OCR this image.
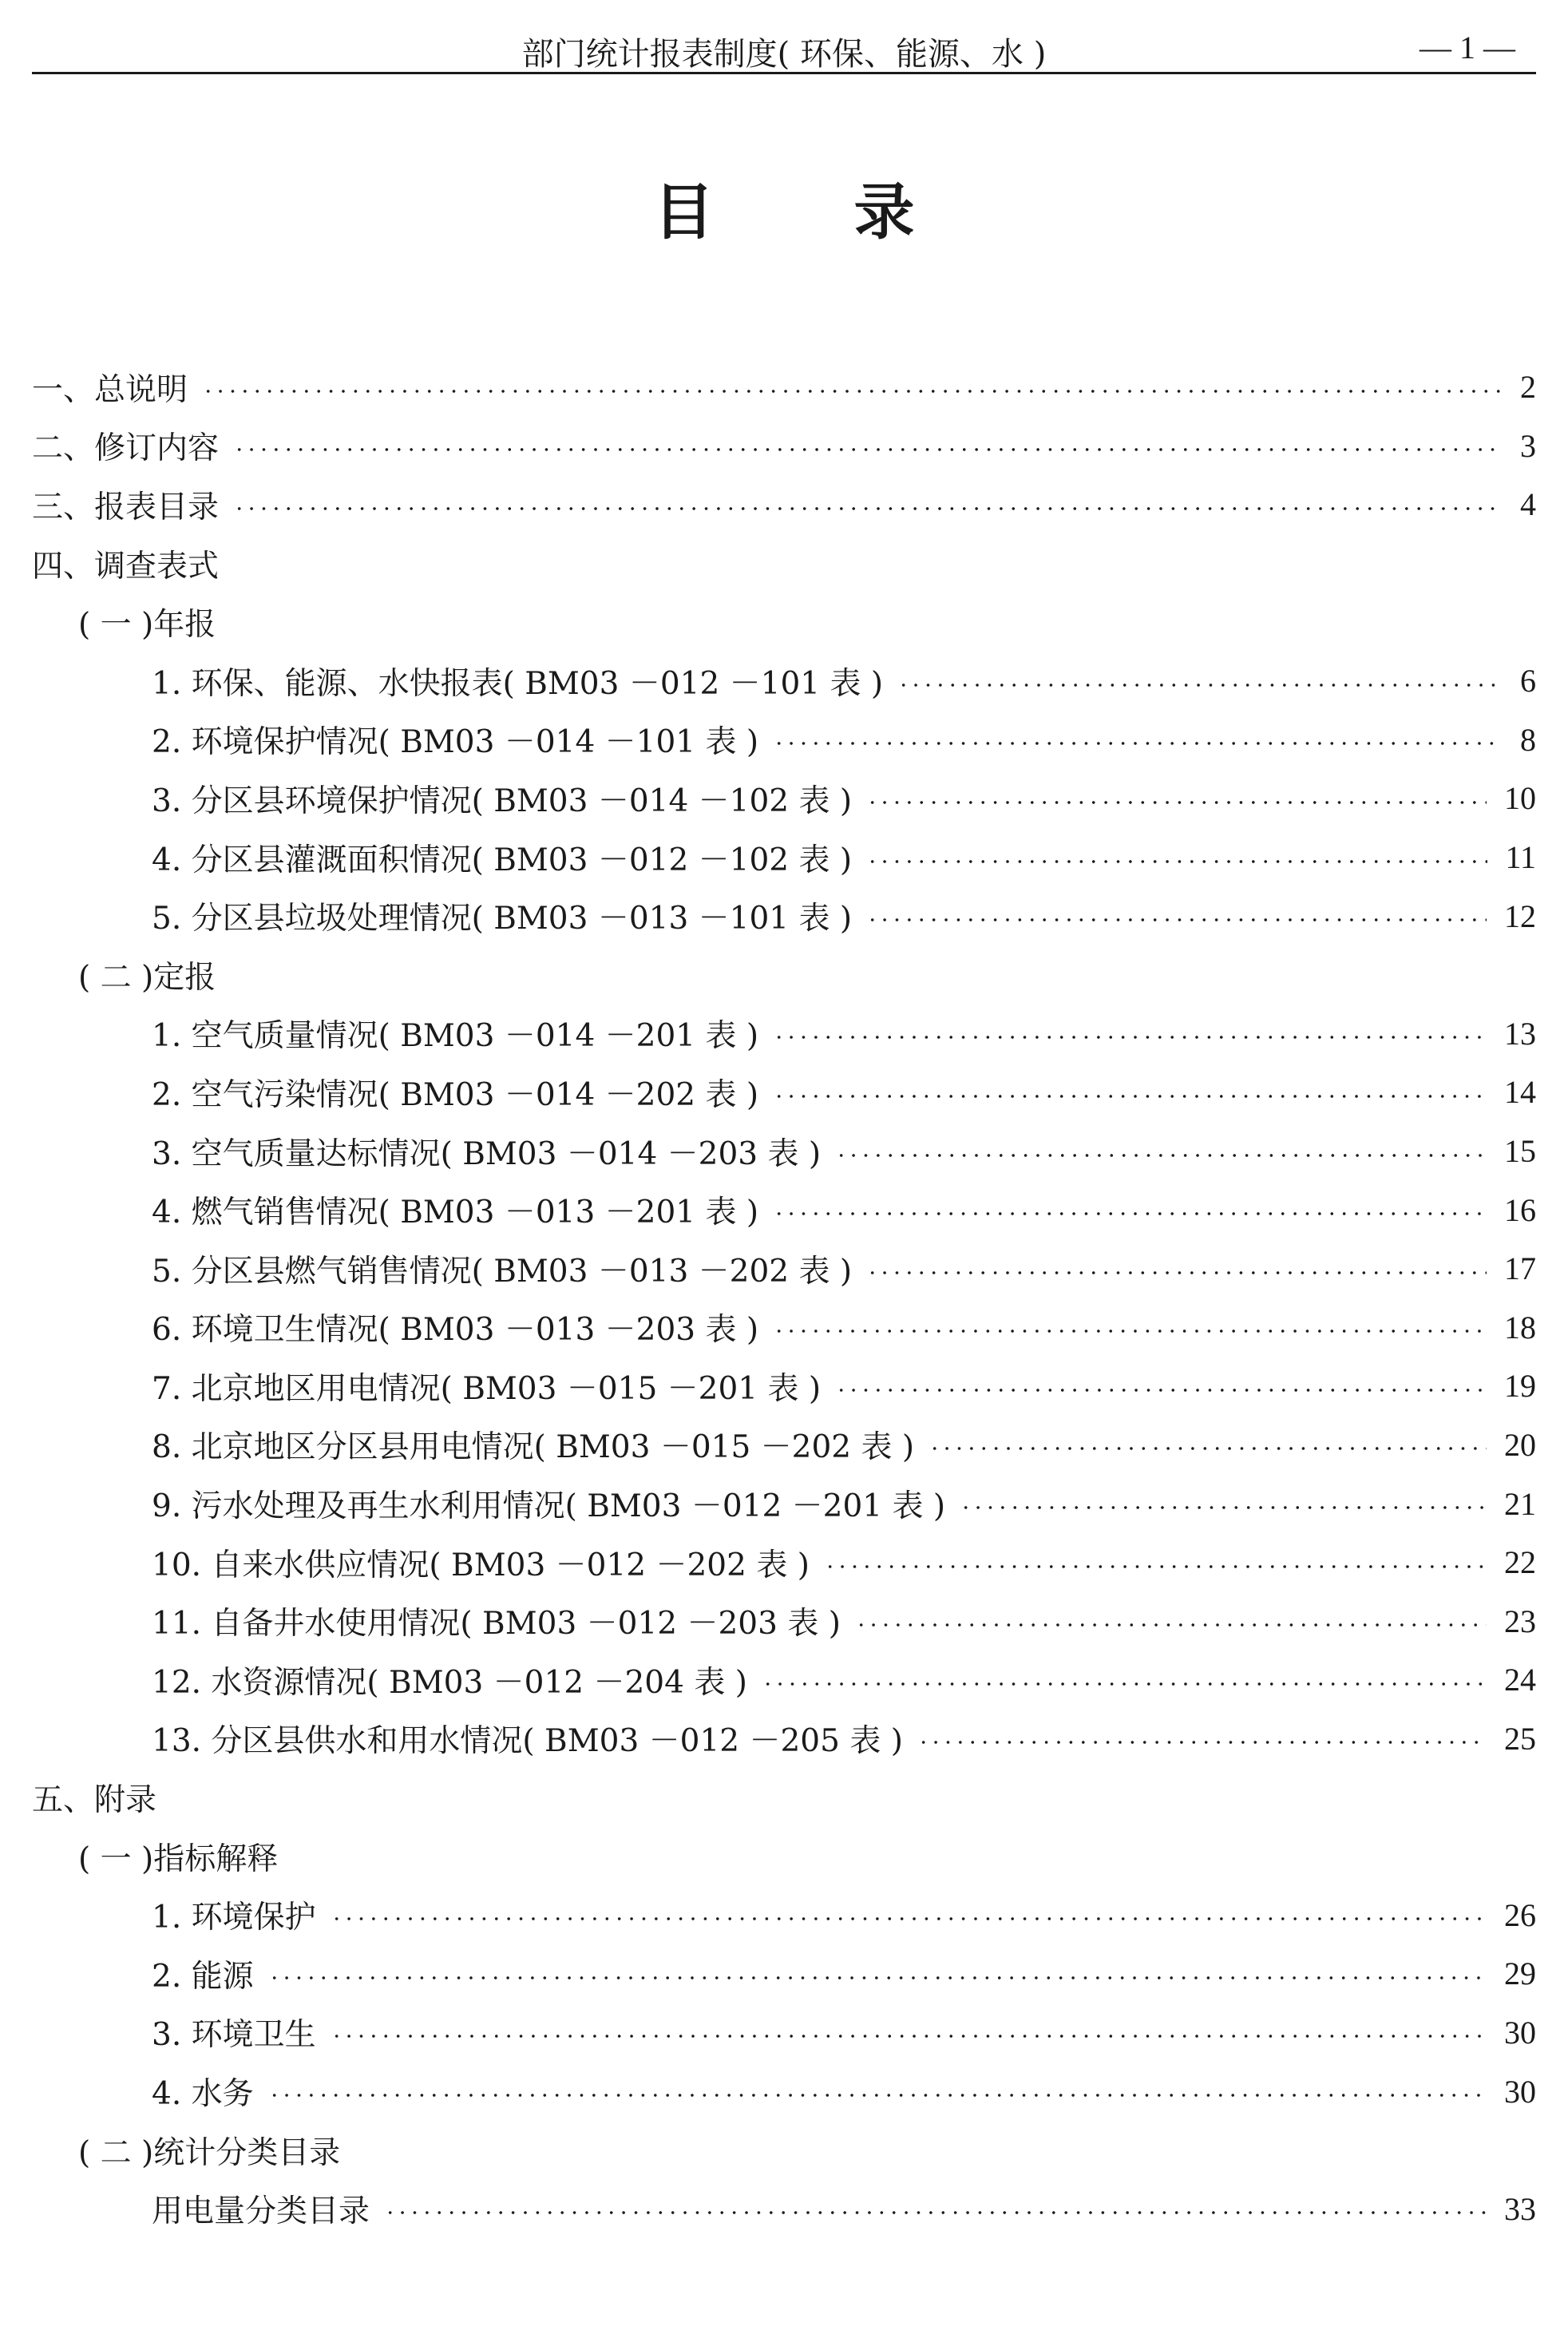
部门统计报表制度( 环保、能源、水 )	— 1 —
目录
一、总说明	2
二、修订内容	3
三、报表目录	4
四、调查表式
( 一 )年报
1. 环保、能源、水快报表( BM03 －012 －101 表 )	6
2. 环境保护情况( BM03 －014 －101 表 )	8
3. 分区县环境保护情况( BM03 －014 －102 表 )	10
4. 分区县灌溉面积情况( BM03 －012 －102 表 )	11
5. 分区县垃圾处理情况( BM03 －013 －101 表 )	12
( 二 )定报
1. 空气质量情况( BM03 －014 －201 表 )	13
2. 空气污染情况( BM03 －014 －202 表 )	14
3. 空气质量达标情况( BM03 －014 －203 表 )	15
4. 燃气销售情况( BM03 －013 －201 表 )	16
5. 分区县燃气销售情况( BM03 －013 －202 表 )	17
6. 环境卫生情况( BM03 －013 －203 表 )	18
7. 北京地区用电情况( BM03 －015 －201 表 )	19
8. 北京地区分区县用电情况( BM03 －015 －202 表 )	20
9. 污水处理及再生水利用情况( BM03 －012 －201 表 )	21
10. 自来水供应情况( BM03 －012 －202 表 )	22
11. 自备井水使用情况( BM03 －012 －203 表 )	23
12. 水资源情况( BM03 －012 －204 表 )	24
13. 分区县供水和用水情况( BM03 －012 －205 表 )	25
五、附录
( 一 )指标解释
1. 环境保护	26
2. 能源	29
3. 环境卫生	30
4. 水务	30
( 二 )统计分类目录
用电量分类目录	33
